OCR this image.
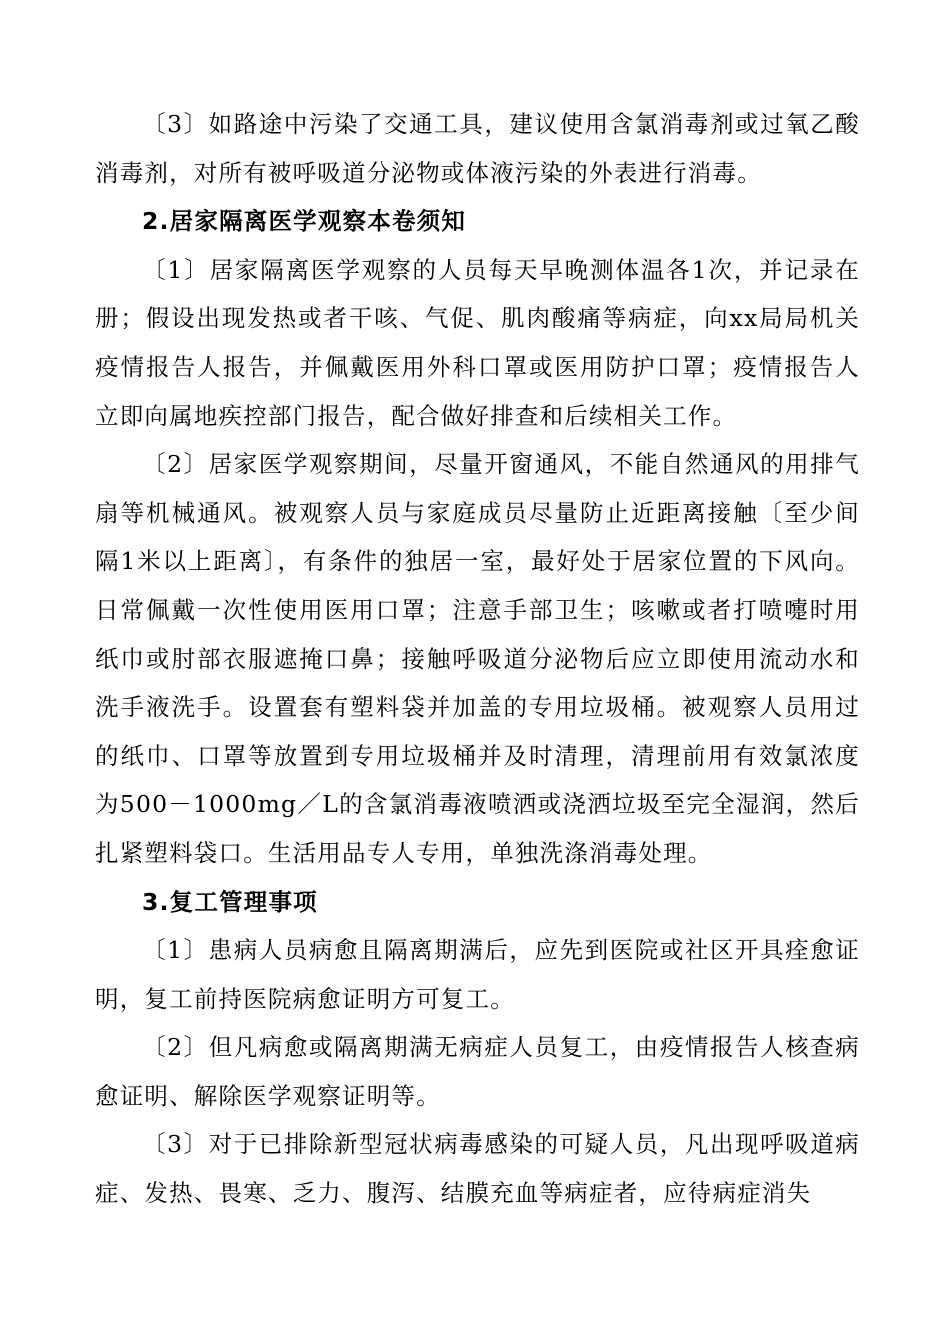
〔3〕如路途中污染了交通工具，建议使用含氯消毒剂或过氧乙酸消毒剂，对所有被呼吸道分泌物或体液污染的外表进行消毒。

2.居家隔离医学观察本卷须知

〔1〕居家隔离医学观察的人员每天早晚测体温各1次，并记录在册；假设出现发热或者干咳、气促、肌肉酸痛等病症，向xx局局机关疫情报告人报告，并佩戴医用外科口罩或医用防护口罩；疫情报告人立即向属地疾控部门报告，配合做好排查和后续相关工作。

〔2〕居家医学观察期间，尽量开窗通风，不能自然通风的用排气扇等机械通风。被观察人员与家庭成员尽量防止近距离接触〔至少间隔1米以上距离〕，有条件的独居一室，最好处于居家位置的下风向。日常佩戴一次性使用医用口罩；注意手部卫生；咳嗽或者打喷嚏时用纸巾或肘部衣服遮掩口鼻；接触呼吸道分泌物后应立即使用流动水和洗手液洗手。设置套有塑料袋并加盖的专用垃圾桶。被观察人员用过的纸巾、口罩等放置到专用垃圾桶并及时清理，清理前用有效氯浓度为500－1000mg／L的含氯消毒液喷洒或浇洒垃圾至完全湿润，然后扎紧塑料袋口。生活用品专人专用，单独洗涤消毒处理。

3.复工管理事项

〔1〕患病人员病愈且隔离期满后，应先到医院或社区开具痊愈证明，复工前持医院病愈证明方可复工。

〔2〕但凡病愈或隔离期满无病症人员复工，由疫情报告人核查病愈证明、解除医学观察证明等。

〔3〕对于已排除新型冠状病毒感染的可疑人员，凡出现呼吸道病症、发热、畏寒、乏力、腹泻、结膜充血等病症者，应待病症消失
